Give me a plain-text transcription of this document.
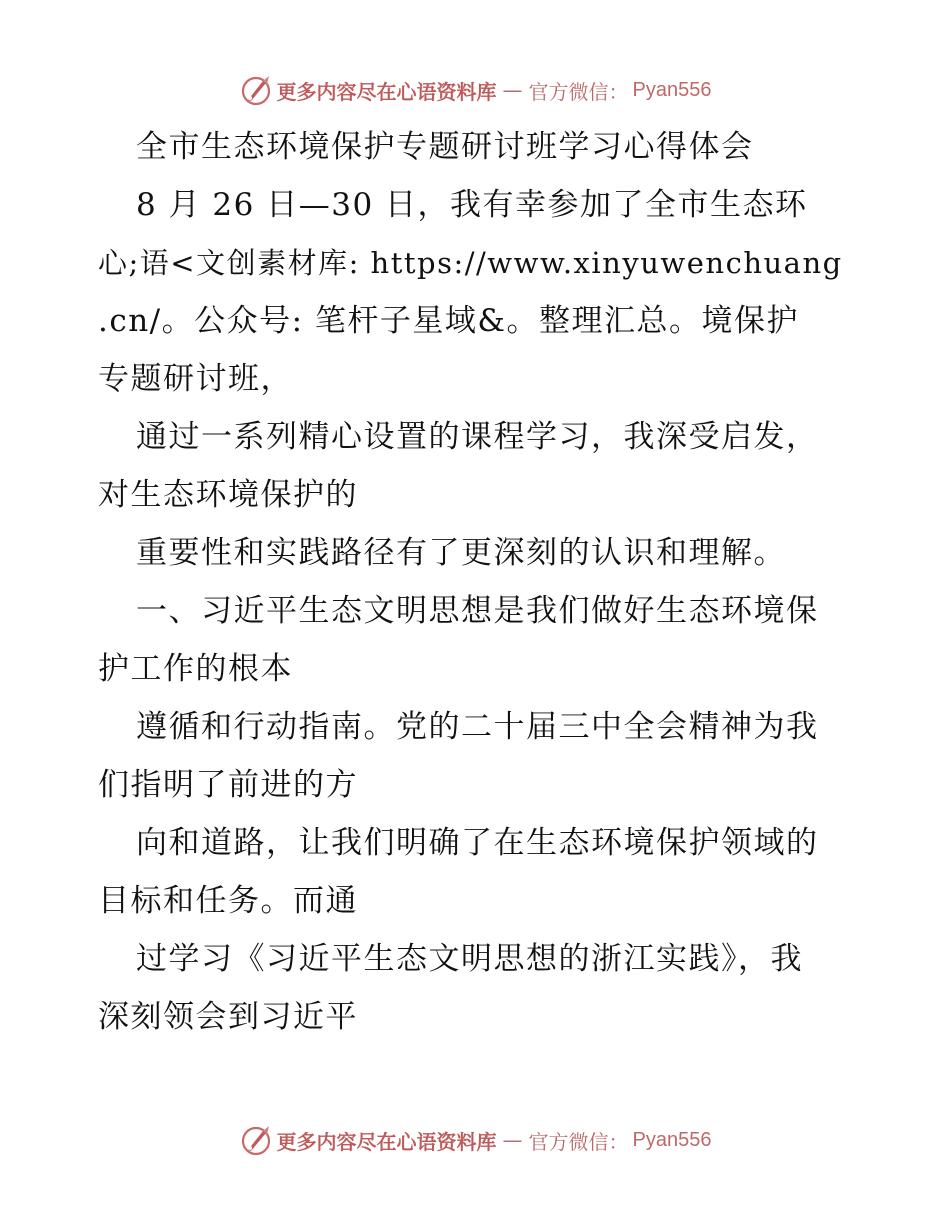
更多内容尽在心语资料库 — 官方微信： Pyan556
全市生态环境保护专题研讨班学习心得体会
8 月 26 日—30 日，我有幸参加了全市生态环
心;语<文创素材库: https://www.xinyuwenchuang
.cn/。公众号: 笔杆子星域&。整理汇总。境保护
专题研讨班，
通过一系列精心设置的课程学习，我深受启发，
对生态环境保护的
重要性和实践路径有了更深刻的认识和理解。
一、习近平生态文明思想是我们做好生态环境保
护工作的根本
遵循和行动指南。党的二十届三中全会精神为我
们指明了前进的方
向和道路，让我们明确了在生态环境保护领域的
目标和任务。而通
过学习《习近平生态文明思想的浙江实践》，我
深刻领会到习近平
更多内容尽在心语资料库 — 官方微信： Pyan556
